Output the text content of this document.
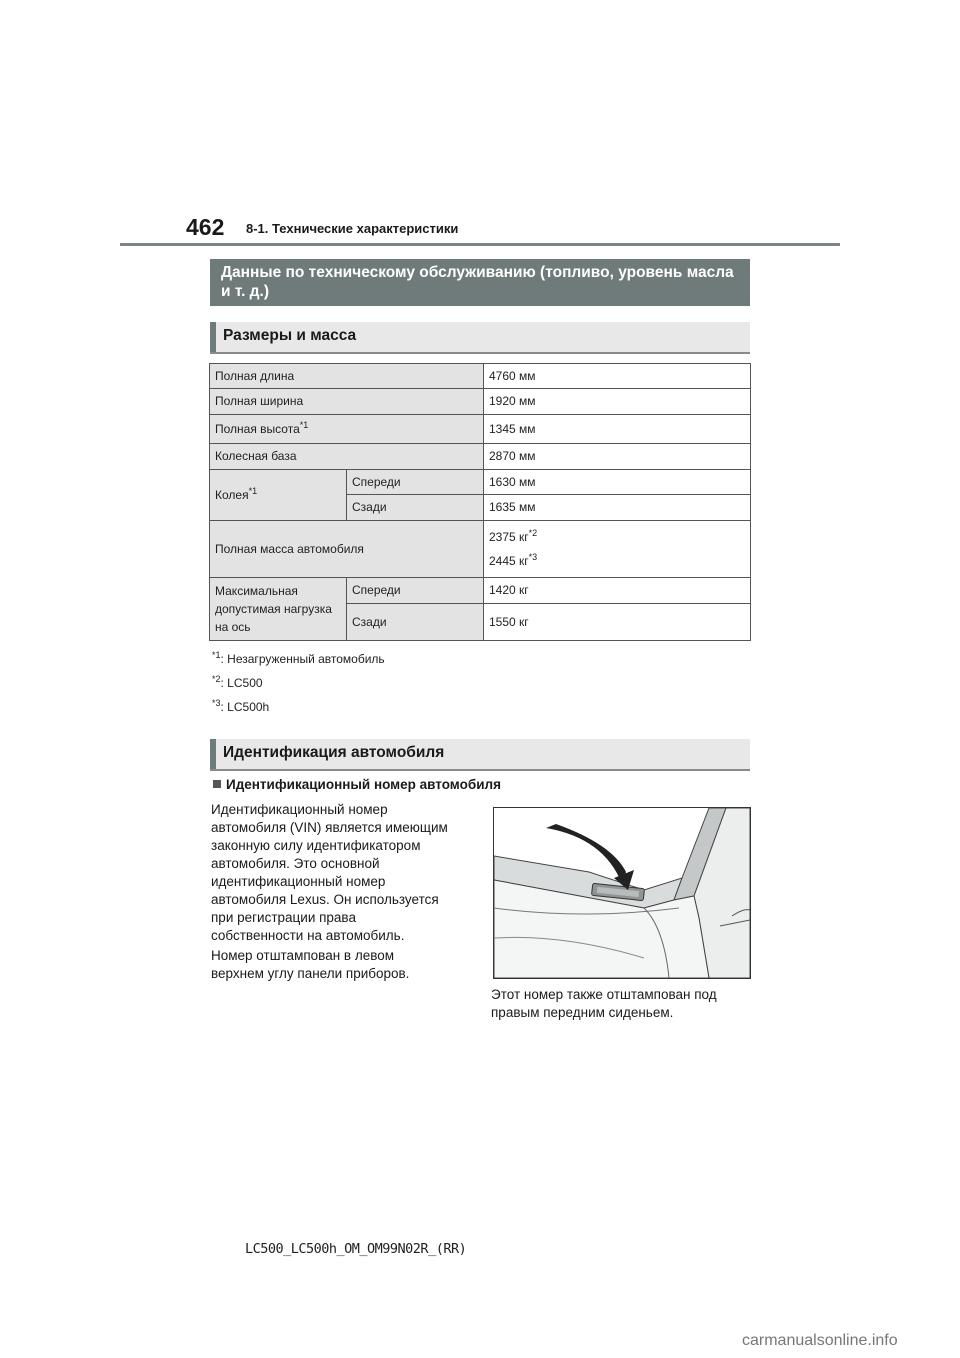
462 8-1. Технические характеристики
Данные по техническому обслуживанию (топливо, уровень масла и т. д.)
Размеры и масса
Полная длина		4760 мм
Полная ширина		1920 мм
Полная высота$^{*1}$		1345 мм
Колесная база		2870 мм
Колея$^{*1}$	Спереди	1630 мм
	Сзади	1635 мм
Полная масса автомобиля		2375 $кг^{*2}$
2445 $кг^{*3}$

Максимальная
допустимая нагрузка
на ось	Спереди	1420 кг
	Сзади	1550 кг
$^{*1}$: Незагруженный автомобиль
$^{*2}$: LC500
$^{*3}$: LC500h
Идентификация автомобиля
Идентификационный номер автомобиля
Идентификационный номер
автомобиля (VIN) является имеющим
законную силу идентификатором
автомобиля. Это основной
идентификационный номер
автомобиля Lexus. Он используется
при регистрации права
собственности на автомобиль.
Номер отштампован в левом
верхнем углу панели приборов.
Этот номер также отштампован под
правым передним сиденьем.
LC500_LC500h_OM_OM99N02R_(RR)
carmanualsonline.info
